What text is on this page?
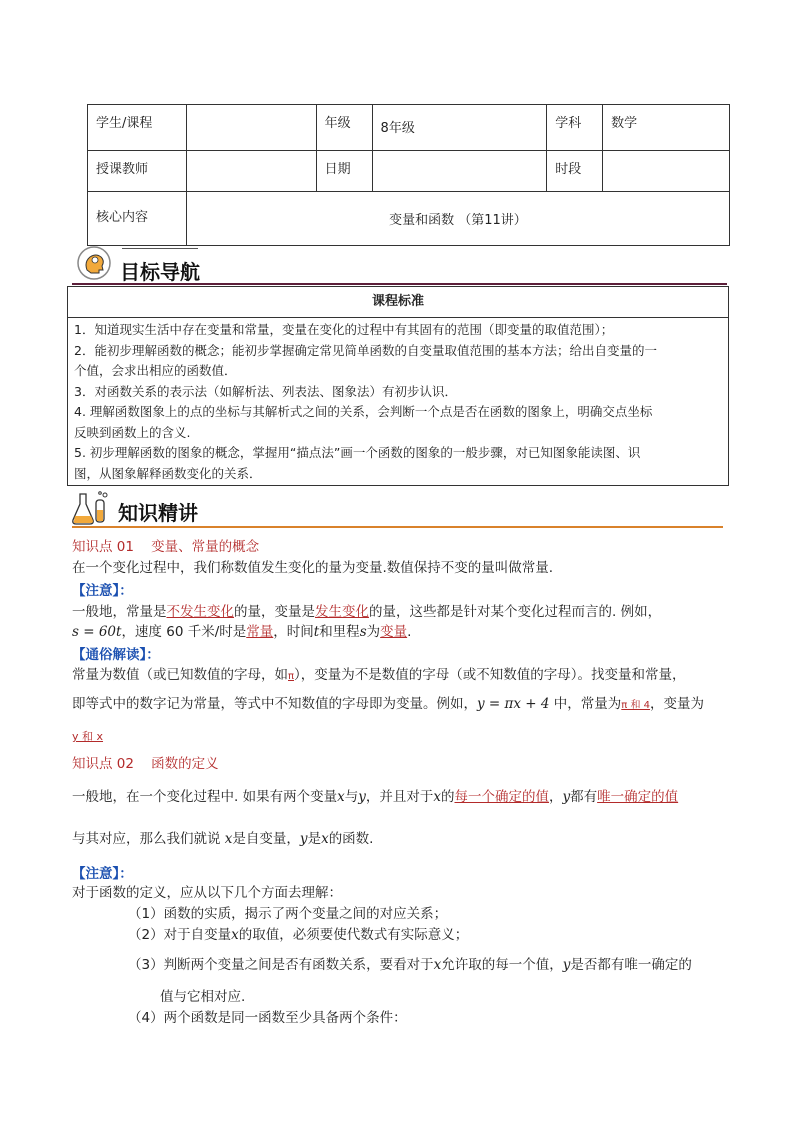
学生/课程		年级	8年级	学科	数学
授课教师		日期		时段	
核心内容	变量和函数 （第11讲）				
目标导航
课程标准
1．知道现实生活中存在变量和常量，变量在变化的过程中有其固有的范围（即变量的取值范围）；
2．能初步理解函数的概念；能初步掌握确定常见简单函数的自变量取值范围的基本方法；给出自变量的一
个值，会求出相应的函数值．
3．对函数关系的表示法（如解析法、列表法、图象法）有初步认识．
4. 理解函数图象上的点的坐标与其解析式之间的关系，会判断一个点是否在函数的图象上，明确交点坐标
反映到函数上的含义.
5. 初步理解函数的图象的概念，掌握用“描点法”画一个函数的图象的一般步骤，对已知图象能读图、识
图，从图象解释函数变化的关系．
知识精讲
知识点 01 变量、常量的概念
在一个变化过程中，我们称数值发生变化的量为变量.数值保持不变的量叫做常量.
【注意】：
一般地，常量是不发生变化的量，变量是发生变化的量，这些都是针对某个变化过程而言的. 例如，
s = 60t，速度 60 千米/时是常量，时间t和里程s为变量.
【通俗解读】：
常量为数值（或已知数值的字母，如π），变量为不是数值的字母（或不知数值的字母）。找变量和常量，
即等式中的数字记为常量，等式中不知数值的字母即为变量。例如，y = πx + 4 中，常量为π 和 4，变量为
y 和 x
知识点 02 函数的定义
一般地，在一个变化过程中. 如果有两个变量x与y，并且对于x的每一个确定的值，y都有唯一确定的值
与其对应，那么我们就说 x是自变量，y是x的函数.
【注意】：
对于函数的定义，应从以下几个方面去理解：
（1）函数的实质，揭示了两个变量之间的对应关系；
（2）对于自变量x的取值，必须要使代数式有实际意义；
（3）判断两个变量之间是否有函数关系，要看对于x允许取的每一个值，y是否都有唯一确定的
值与它相对应.
（4）两个函数是同一函数至少具备两个条件：
